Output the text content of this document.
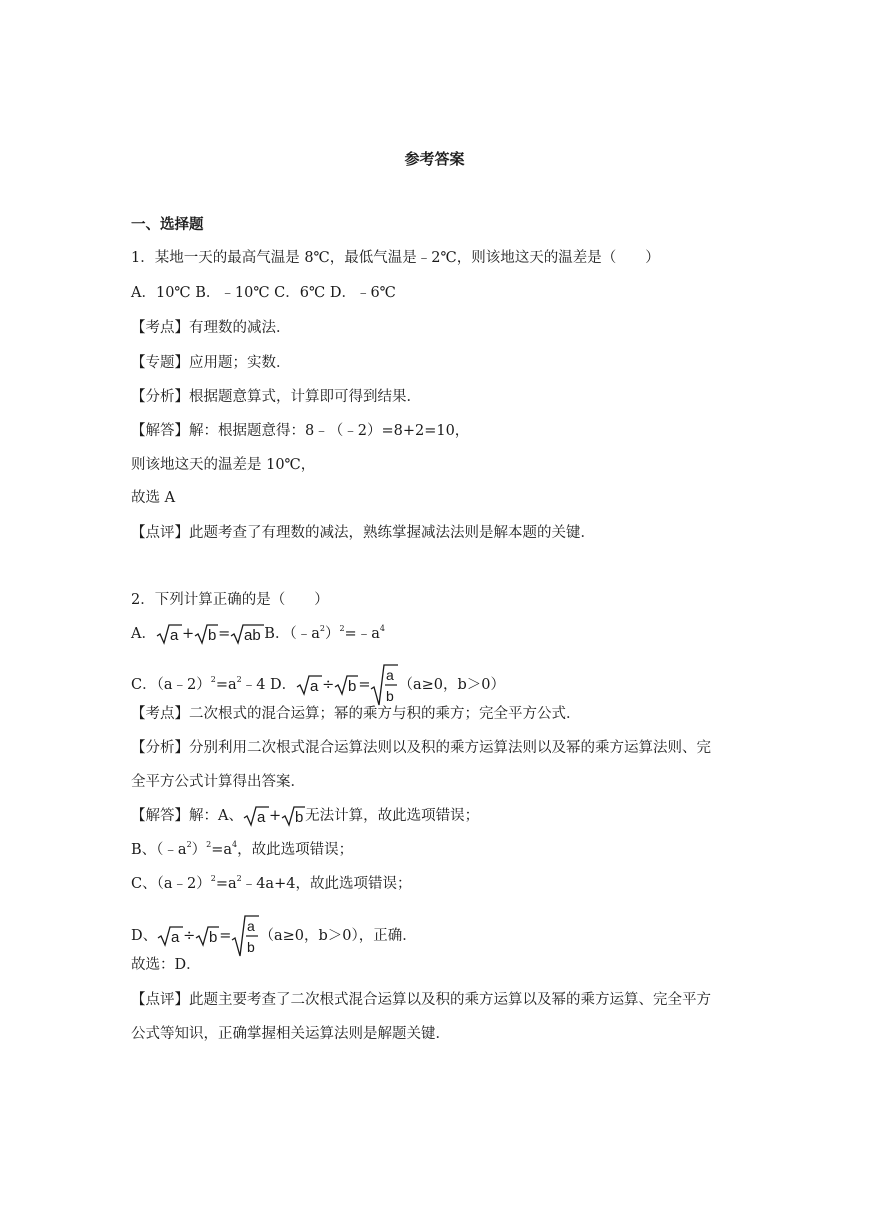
参考答案
一、选择题
1．某地一天的最高气温是 8℃，最低气温是﹣2℃，则该地这天的温差是（　　）
A．10℃ B．﹣10℃ C．6℃ D．﹣6℃
【考点】有理数的减法．
【专题】应用题；实数．
【分析】根据题意算式，计算即可得到结果．
【解答】解：根据题意得：8﹣（﹣2）=8+2=10，
则该地这天的温差是 10℃，
故选 A
【点评】此题考查了有理数的减法，熟练掌握减法法则是解本题的关键．
2．下列计算正确的是（　　）
A． a + b = ab B．$(﹣a^2)^2=﹣a^4$
C．$(a﹣2)^2=a^2﹣4$ D． a ÷ b =
a
b
（a≥0，b＞0）
【考点】二次根式的混合运算；幂的乘方与积的乘方；完全平方公式．
【分析】分别利用二次根式混合运算法则以及积的乘方运算法则以及幂的乘方运算法则、完
全平方公式计算得出答案．
【解答】解：A、 a + b 无法计算，故此选项错误；
B、$(﹣a^2)^2=a^4$，故此选项错误；
C、$(a﹣2)^2=a^2﹣4a+4$，故此选项错误；
D、 a ÷ b =
a
b
（a≥0，b＞0），正确．
故选：D．
【点评】此题主要考查了二次根式混合运算以及积的乘方运算以及幂的乘方运算、完全平方
公式等知识，正确掌握相关运算法则是解题关键．
